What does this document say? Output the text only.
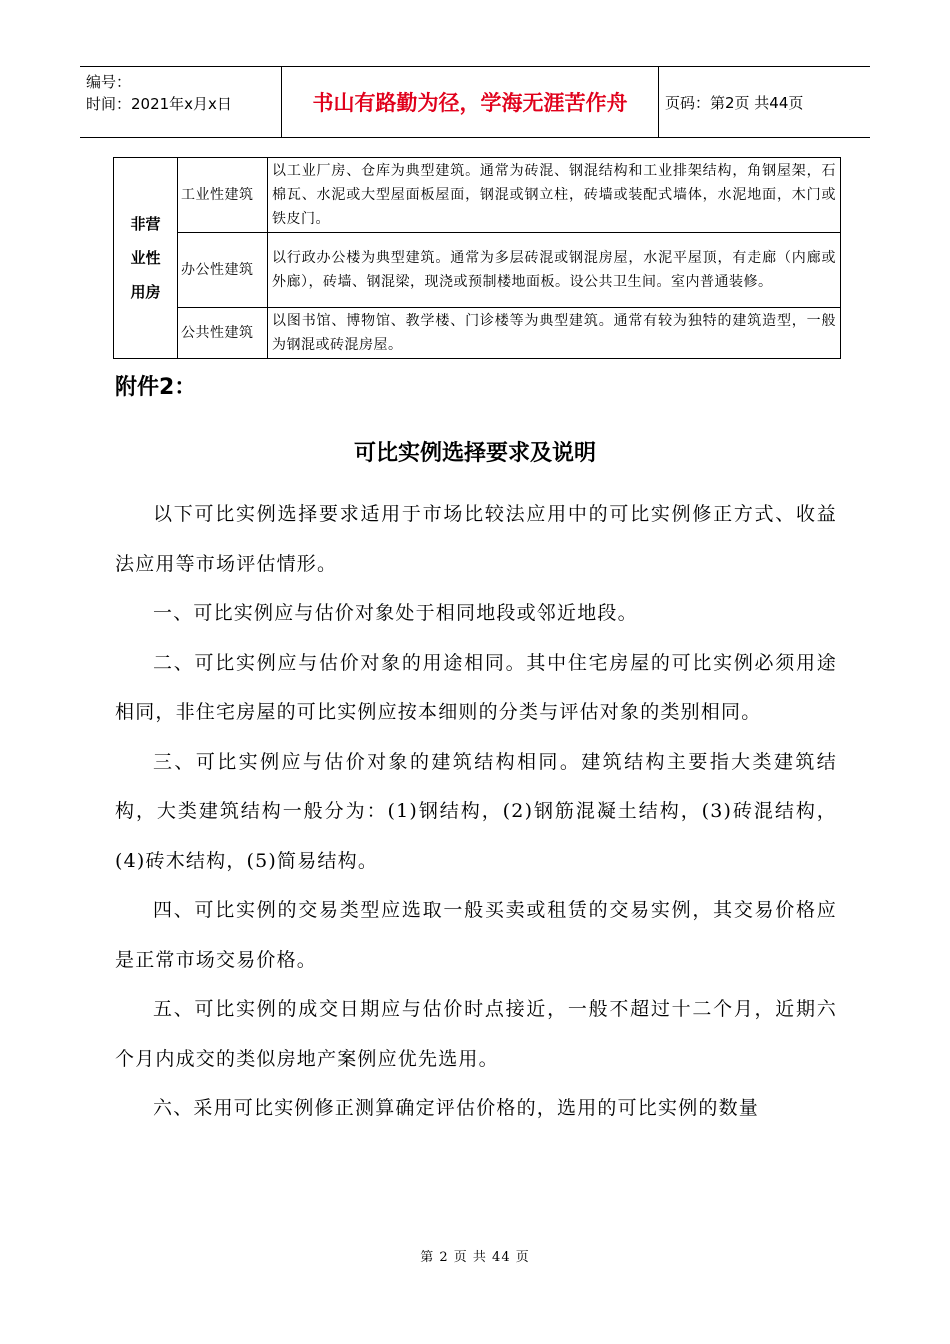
编号：
时间：2021年x月x日	书山有路勤为径，学海无涯苦作舟	页码：第2页 共44页
非营
业性
用房	工业性建筑	以工业厂房、仓库为典型建筑。通常为砖混、钢混结构和工业排架结构，角钢屋架，石棉瓦、水泥或大型屋面板屋面，钢混或钢立柱，砖墙或装配式墙体，水泥地面，木门或铁皮门。
	办公性建筑	以行政办公楼为典型建筑。通常为多层砖混或钢混房屋，水泥平屋顶，有走廊（内廊或外廊），砖墙、钢混梁，现浇或预制楼地面板。设公共卫生间。室内普通装修。
	公共性建筑	以图书馆、博物馆、教学楼、门诊楼等为典型建筑。通常有较为独特的建筑造型，一般为钢混或砖混房屋。
附件2：
可比实例选择要求及说明

以下可比实例选择要求适用于市场比较法应用中的可比实例修正方式、收益法应用等市场评估情形。

一、可比实例应与估价对象处于相同地段或邻近地段。

二、可比实例应与估价对象的用途相同。其中住宅房屋的可比实例必须用途相同，非住宅房屋的可比实例应按本细则的分类与评估对象的类别相同。

三、可比实例应与估价对象的建筑结构相同。建筑结构主要指大类建筑结构，大类建筑结构一般分为：(1)钢结构，(2)钢筋混凝土结构，(3)砖混结构，(4)砖木结构，(5)简易结构。

四、可比实例的交易类型应选取一般买卖或租赁的交易实例，其交易价格应是正常市场交易价格。

五、可比实例的成交日期应与估价时点接近，一般不超过十二个月，近期六个月内成交的类似房地产案例应优先选用。

六、采用可比实例修正测算确定评估价格的，选用的可比实例的数量

第 2 页 共 44 页
